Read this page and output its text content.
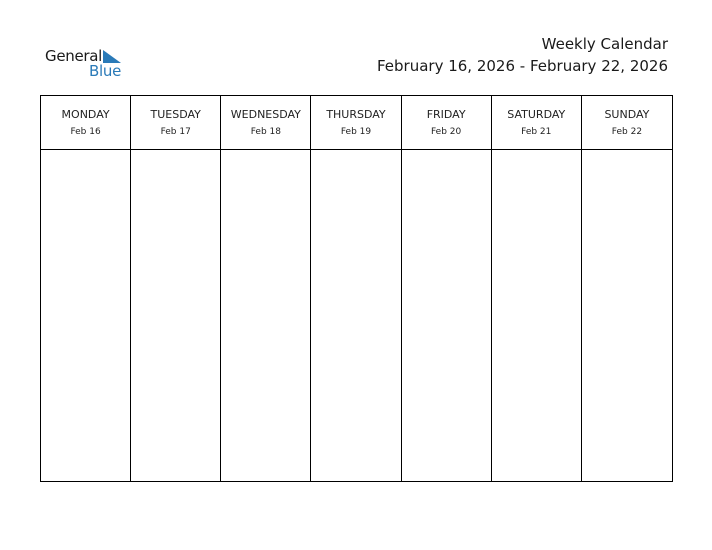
General
Blue
Weekly Calendar
February 16, 2026 - February 22, 2026
MONDAY
Feb 16
TUESDAY
Feb 17
WEDNESDAY
Feb 18
THURSDAY
Feb 19
FRIDAY
Feb 20
SATURDAY
Feb 21
SUNDAY
Feb 22
